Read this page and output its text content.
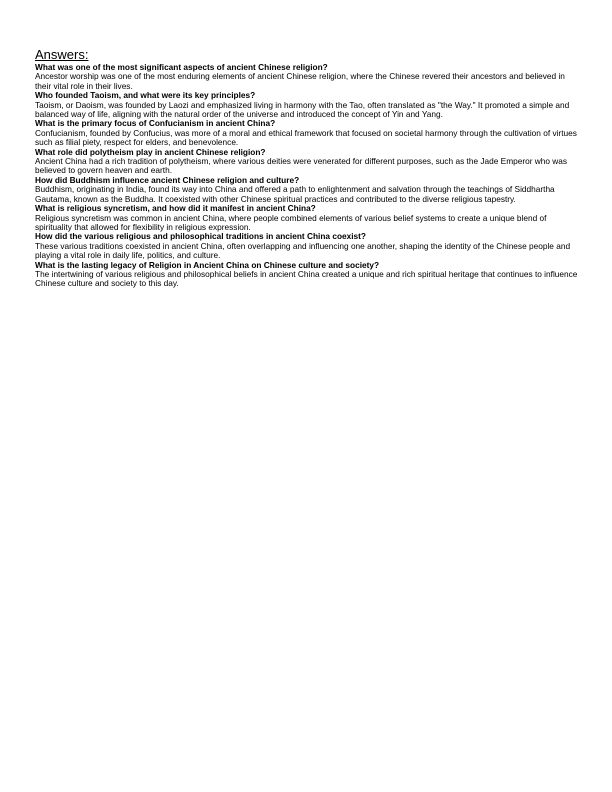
Answers:

What was one of the most significant aspects of ancient Chinese religion?

Ancestor worship was one of the most enduring elements of ancient Chinese religion, where the Chinese revered their ancestors and believed in their vital role in their lives.

Who founded Taoism, and what were its key principles?

Taoism, or Daoism, was founded by Laozi and emphasized living in harmony with the Tao, often translated as "the Way." It promoted a simple and balanced way of life, aligning with the natural order of the universe and introduced the concept of Yin and Yang.

What is the primary focus of Confucianism in ancient China?

Confucianism, founded by Confucius, was more of a moral and ethical framework that focused on societal harmony through the cultivation of virtues such as filial piety, respect for elders, and benevolence.

What role did polytheism play in ancient Chinese religion?

Ancient China had a rich tradition of polytheism, where various deities were venerated for different purposes, such as the Jade Emperor who was believed to govern heaven and earth.

How did Buddhism influence ancient Chinese religion and culture?

Buddhism, originating in India, found its way into China and offered a path to enlightenment and salvation through the teachings of Siddhartha Gautama, known as the Buddha. It coexisted with other Chinese spiritual practices and contributed to the diverse religious tapestry.

What is religious syncretism, and how did it manifest in ancient China?

Religious syncretism was common in ancient China, where people combined elements of various belief systems to create a unique blend of spirituality that allowed for flexibility in religious expression.

How did the various religious and philosophical traditions in ancient China coexist?

These various traditions coexisted in ancient China, often overlapping and influencing one another, shaping the identity of the Chinese people and playing a vital role in daily life, politics, and culture.

What is the lasting legacy of Religion in Ancient China on Chinese culture and society?

The intertwining of various religious and philosophical beliefs in ancient China created a unique and rich spiritual heritage that continues to influence Chinese culture and society to this day.
